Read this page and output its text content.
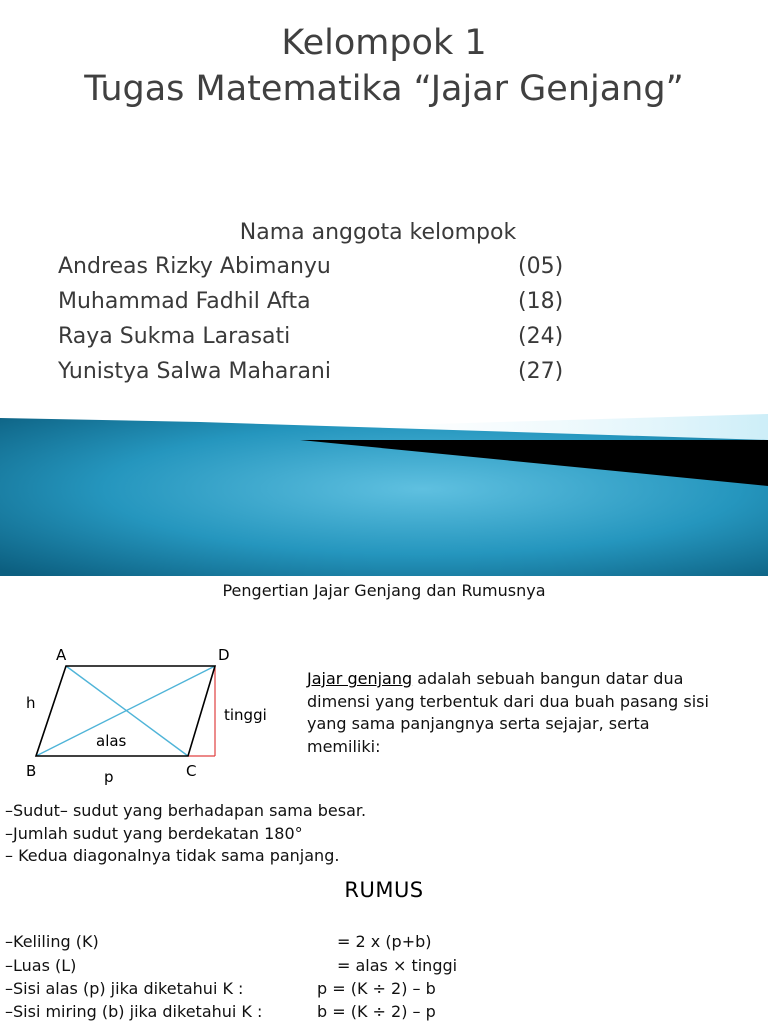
Kelompok 1
Tugas Matematika “Jajar Genjang”
Nama anggota kelompok
Andreas Rizky Abimanyu	(05)
Muhammad Fadhil Afta	(18)
Raya Sukma Larasati	(24)
Yunistya Salwa Maharani	(27)
Pengertian Jajar Genjang dan Rumusnya
A	D
B	C
h
tinggi
alas
p
Jajar genjang adalah sebuah bangun datar dua dimensi yang terbentuk dari dua buah pasang sisi yang sama panjangnya serta sejajar, serta memiliki:
–Sudut– sudut yang berhadapan sama besar.
–Jumlah sudut yang berdekatan 180°
– Kedua diagonalnya tidak sama panjang.
RUMUS
–Keliling (K)	= 2 x (p+b)
–Luas (L)	= alas × tinggi
–Sisi alas (p) jika diketahui K :	p = (K ÷ 2) – b
–Sisi miring (b) jika diketahui K :	b = (K ÷ 2) – p
